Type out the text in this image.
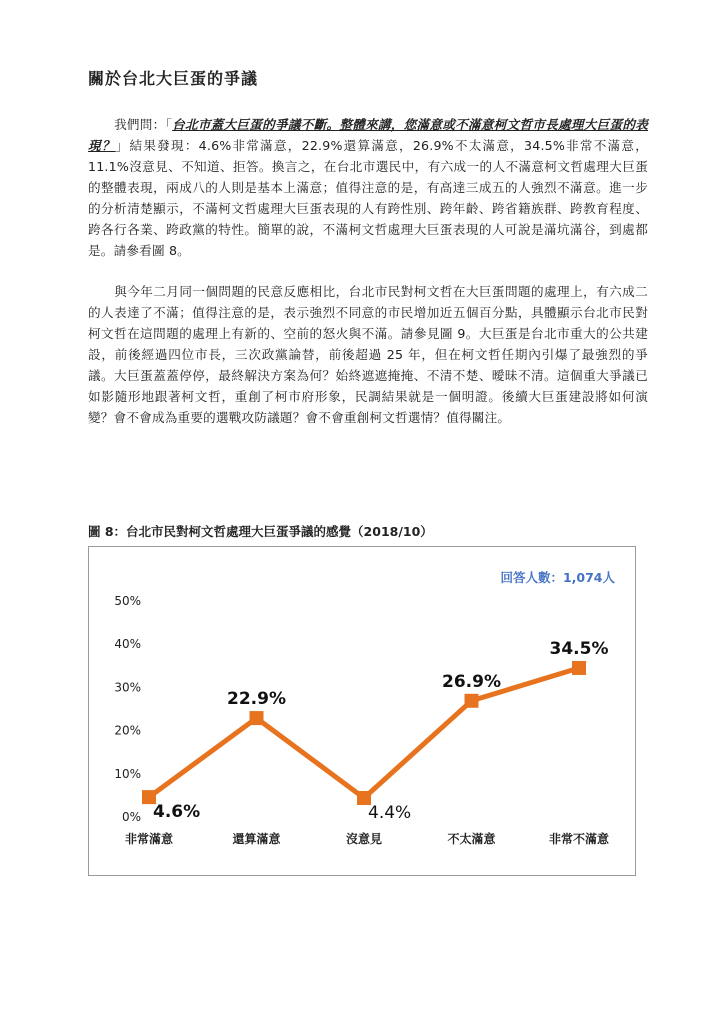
關於台北大巨蛋的爭議
我們問：「台北市蓋大巨蛋的爭議不斷。整體來講，您滿意或不滿意柯文哲市長處理大巨蛋的表現？」結果發現：4.6%非常滿意，22.9%還算滿意，26.9%不太滿意，34.5%非常不滿意，11.1%沒意見、不知道、拒答。換言之，在台北市選民中，有六成一的人不滿意柯文哲處理大巨蛋的整體表現，兩成八的人則是基本上滿意；值得注意的是，有高達三成五的人強烈不滿意。進一步的分析清楚顯示，不滿柯文哲處理大巨蛋表現的人有跨性別、跨年齡、跨省籍族群、跨教育程度、跨各行各業、跨政黨的特性。簡單的說，不滿柯文哲處理大巨蛋表現的人可說是滿坑滿谷，到處都是。請參看圖 8。
與今年二月同一個問題的民意反應相比，台北市民對柯文哲在大巨蛋問題的處理上，有六成二的人表達了不滿；值得注意的是，表示強烈不同意的市民增加近五個百分點，具體顯示台北市民對柯文哲在這問題的處理上有新的、空前的怒火與不滿。請參見圖 9。大巨蛋是台北市重大的公共建設，前後經過四位市長，三次政黨論替，前後超過 25 年，但在柯文哲任期內引爆了最強烈的爭議。大巨蛋蓋蓋停停，最終解決方案為何？始終遮遮掩掩、不清不楚、曖昧不清。這個重大爭議已如影隨形地跟著柯文哲，重創了柯市府形象，民調結果就是一個明證。後續大巨蛋建設將如何演變？會不會成為重要的選戰攻防議題？會不會重創柯文哲選情？值得關注。
圖 8：台北市民對柯文哲處理大巨蛋爭議的感覺（2018/10）
回答人數：1,074人
0%
10%
20%
30%
40%
50%
非常滿意	還算滿意	沒意見	不太滿意	非常不滿意
4.6%
22.9%
4.4%
26.9%
34.5%
